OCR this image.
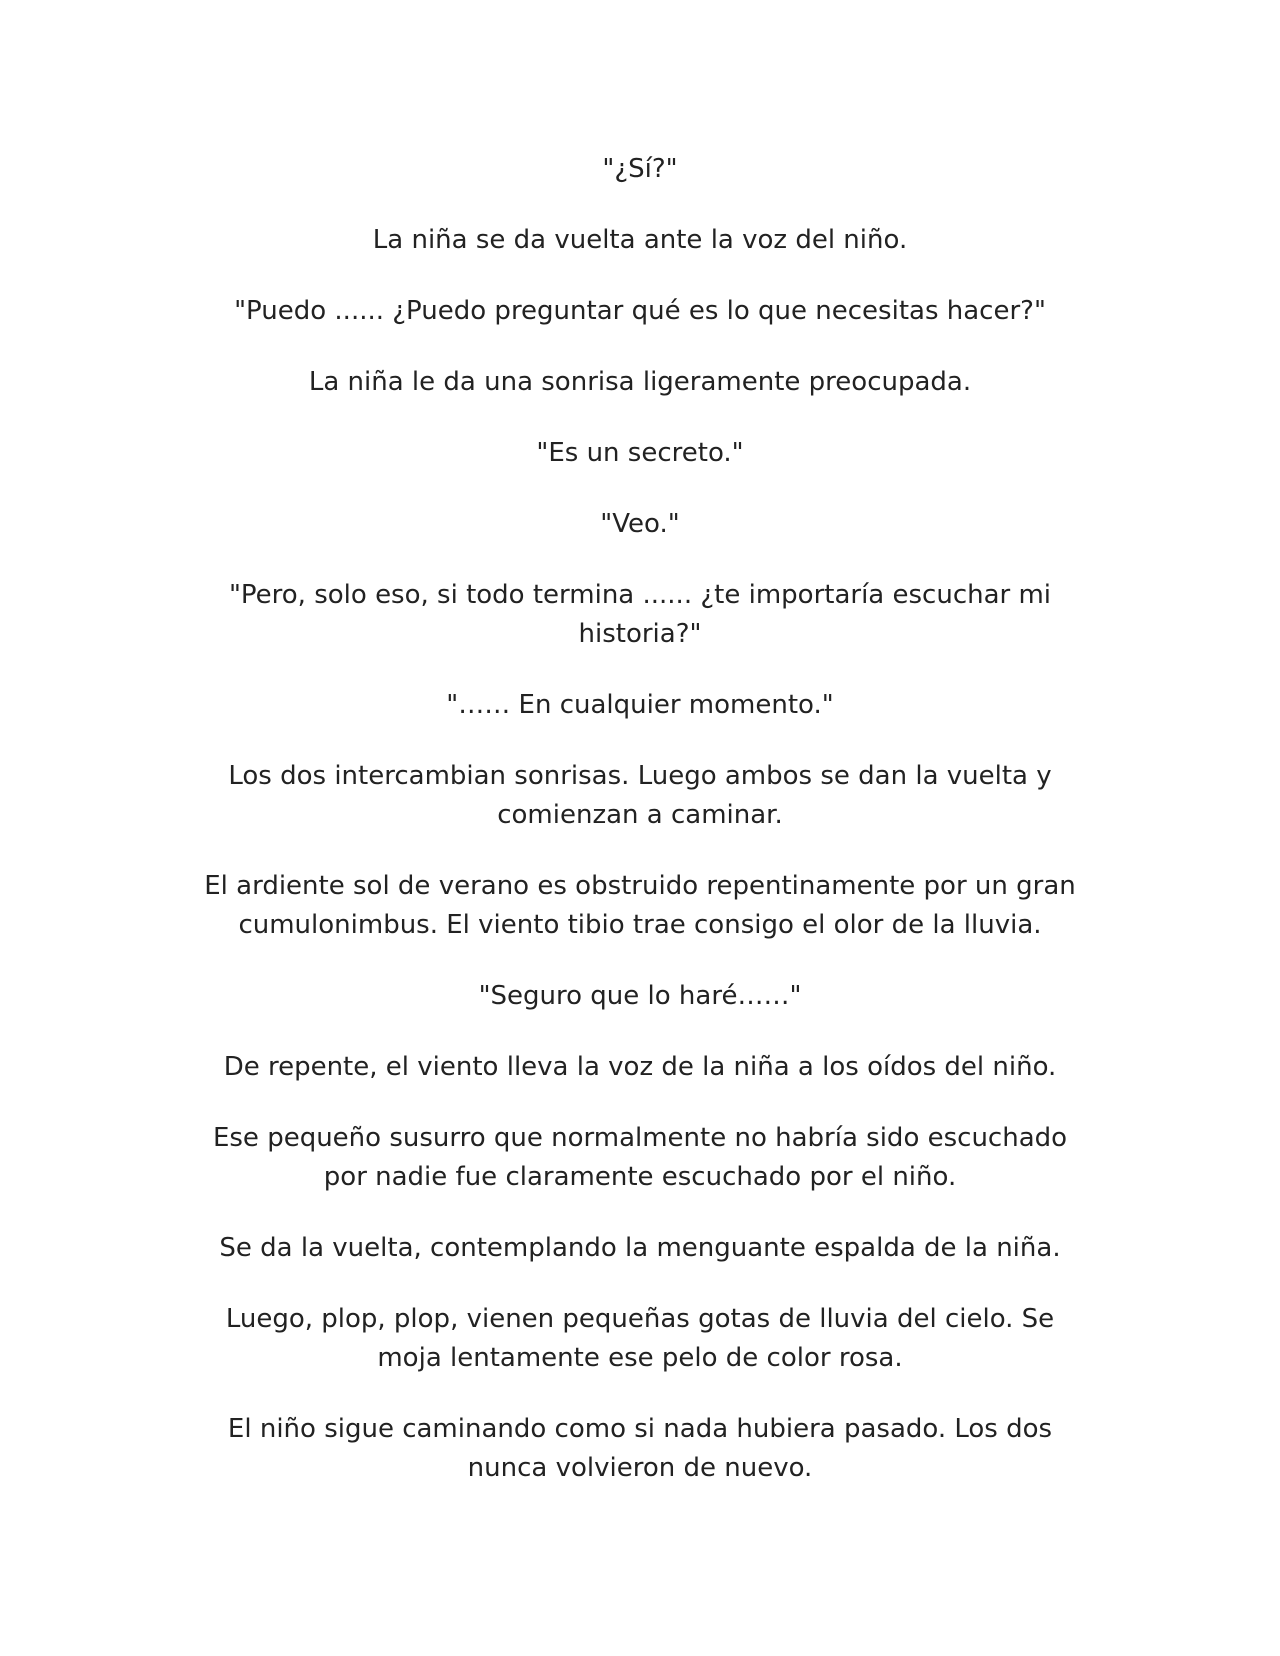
"¿Sí?"

La niña se da vuelta ante la voz del niño.

"Puedo ...... ¿Puedo preguntar qué es lo que necesitas hacer?"

La niña le da una sonrisa ligeramente preocupada.

"Es un secreto."

"Veo."

"Pero, solo eso, si todo termina ...... ¿te importaría escuchar mi historia?"

"…… En cualquier momento."

Los dos intercambian sonrisas. Luego ambos se dan la vuelta y comienzan a caminar.

El ardiente sol de verano es obstruido repentinamente por un gran cumulonimbus. El viento tibio trae consigo el olor de la lluvia.

"Seguro que lo haré……"

De repente, el viento lleva la voz de la niña a los oídos del niño.

Ese pequeño susurro que normalmente no habría sido escuchado por nadie fue claramente escuchado por el niño.

Se da la vuelta, contemplando la menguante espalda de la niña.

Luego, plop, plop, vienen pequeñas gotas de lluvia del cielo. Se moja lentamente ese pelo de color rosa.

El niño sigue caminando como si nada hubiera pasado. Los dos nunca volvieron de nuevo.
